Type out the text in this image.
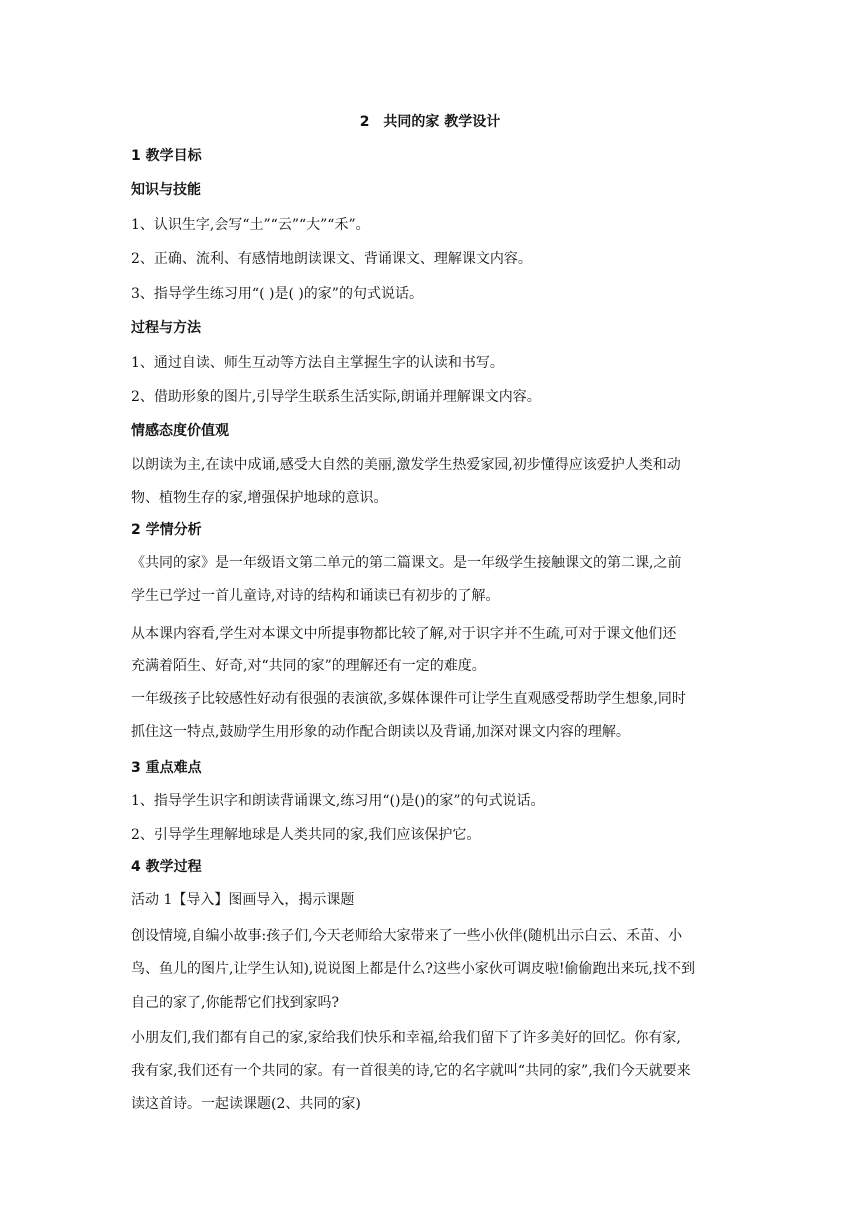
2　共同的家 教学设计
1 教学目标
知识与技能
1、认识生字,会写“土”“云”“大”“禾”。
2、正确、流利、有感情地朗读课文、背诵课文、理解课文内容。
3、指导学生练习用“( )是( )的家”的句式说话。
过程与方法
1、通过自读、师生互动等方法自主掌握生字的认读和书写。
2、借助形象的图片,引导学生联系生活实际,朗诵并理解课文内容。
情感态度价值观
以朗读为主,在读中成诵,感受大自然的美丽,激发学生热爱家园,初步懂得应该爱护人类和动
物、植物生存的家,增强保护地球的意识。
2 学情分析
《共同的家》是一年级语文第二单元的第二篇课文。是一年级学生接触课文的第二课,之前
学生已学过一首儿童诗,对诗的结构和诵读已有初步的了解。
从本课内容看,学生对本课文中所提事物都比较了解,对于识字并不生疏,可对于课文他们还
充满着陌生、好奇,对“共同的家”的理解还有一定的难度。
一年级孩子比较感性好动有很强的表演欲,多媒体课件可让学生直观感受帮助学生想象,同时
抓住这一特点,鼓励学生用形象的动作配合朗读以及背诵,加深对课文内容的理解。
3 重点难点
1、指导学生识字和朗读背诵课文,练习用“()是()的家”的句式说话。
2、引导学生理解地球是人类共同的家,我们应该保护它。
4 教学过程
活动 1【导入】图画导入，揭示课题
创设情境,自编小故事:孩子们,今天老师给大家带来了一些小伙伴(随机出示白云、禾苗、小
鸟、鱼儿的图片,让学生认知),说说图上都是什么?这些小家伙可调皮啦!偷偷跑出来玩,找不到
自己的家了,你能帮它们找到家吗?
小朋友们,我们都有自己的家,家给我们快乐和幸福,给我们留下了许多美好的回忆。你有家,
我有家,我们还有一个共同的家。有一首很美的诗,它的名字就叫“共同的家”,我们今天就要来
读这首诗。一起读课题(2、共同的家)
